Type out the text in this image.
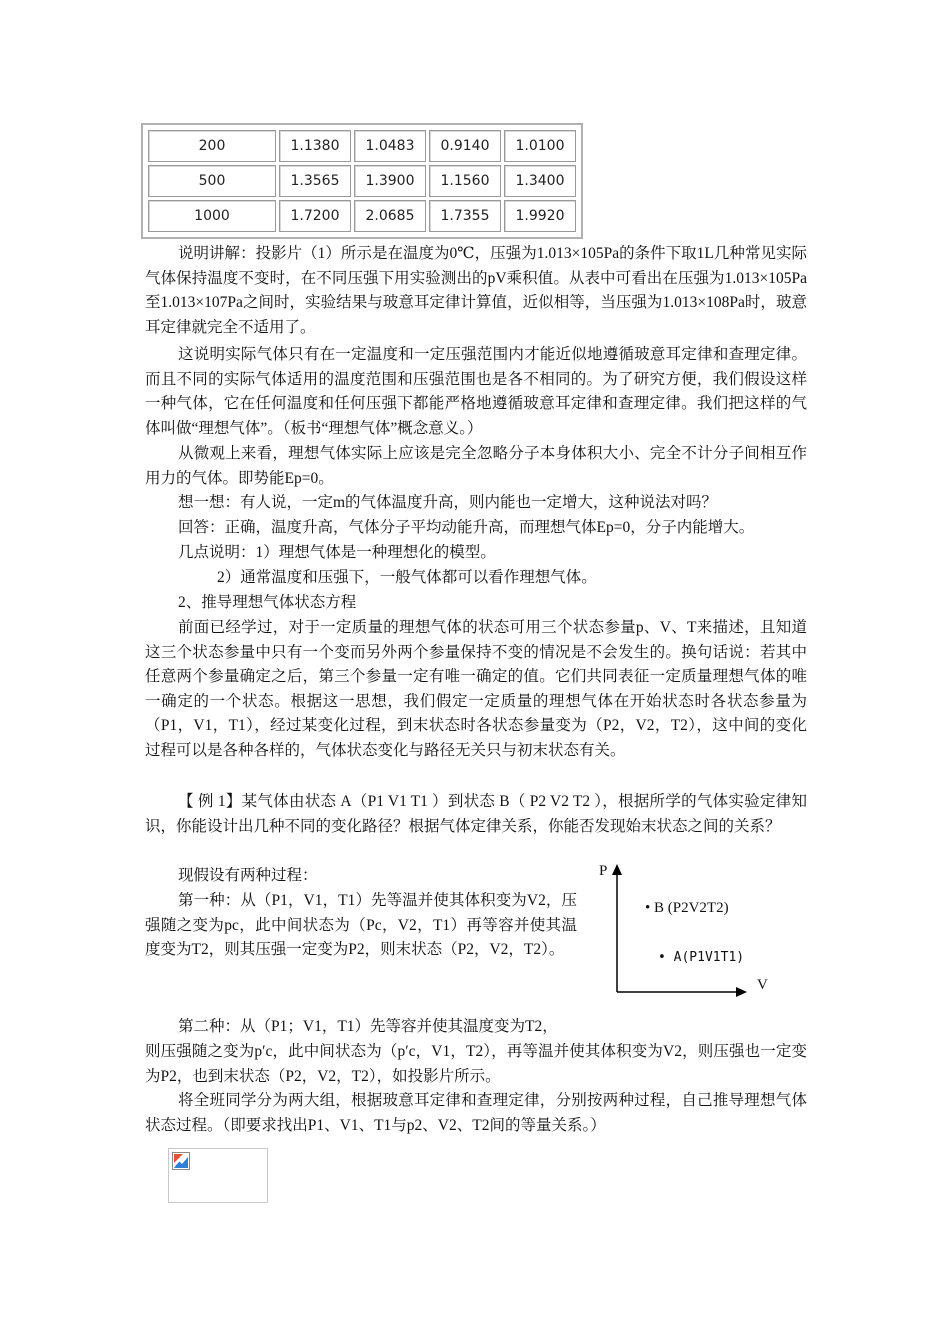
200	1.1380	1.0483	0.9140	1.0100
500	1.3565	1.3900	1.1560	1.3400
1000	1.7200	2.0685	1.7355	1.9920

说明讲解：投影片（1）所示是在温度为0℃，压强为1.013×105Pa的条件下取1L几种常见实际气体保持温度不变时，在不同压强下用实验测出的pV乘积值。从表中可看出在压强为1.013×105Pa至1.013×107Pa之间时，实验结果与玻意耳定律计算值，近似相等，当压强为1.013×108Pa时，玻意耳定律就完全不适用了。

这说明实际气体只有在一定温度和一定压强范围内才能近似地遵循玻意耳定律和查理定律。而且不同的实际气体适用的温度范围和压强范围也是各不相同的。为了研究方便，我们假设这样一种气体，它在任何温度和任何压强下都能严格地遵循玻意耳定律和查理定律。我们把这样的气体叫做“理想气体”。（板书“理想气体”概念意义。）

从微观上来看，理想气体实际上应该是完全忽略分子本身体积大小、完全不计分子间相互作用力的气体。即势能Ep=0。

想一想：有人说，一定m的气体温度升高，则内能也一定增大，这种说法对吗？
回答：正确，温度升高，气体分子平均动能升高，而理想气体Ep=0，分子内能增大。
几点说明：1）理想气体是一种理想化的模型。
2）通常温度和压强下，一般气体都可以看作理想气体。
2、推导理想气体状态方程

前面已经学过，对于一定质量的理想气体的状态可用三个状态参量p、V、T来描述，且知道这三个状态参量中只有一个变而另外两个参量保持不变的情况是不会发生的。换句话说：若其中任意两个参量确定之后，第三个参量一定有唯一确定的值。它们共同表征一定质量理想气体的唯一确定的一个状态。根据这一思想，我们假定一定质量的理想气体在开始状态时各状态参量为（P1，V1，T1），经过某变化过程，到末状态时各状态参量变为（P2，V2，T2），这中间的变化过程可以是各种各样的，气体状态变化与路径无关只与初末状态有关。

【 例 1】某气体由状态 A（P1 V1 T1 ）到状态 B（ P2 V2 T2 ），根据所学的气体实验定律知识，你能设计出几种不同的变化路径？根据气体定律关系，你能否发现始末状态之间的关系？

现假设有两种过程：

第一种：从（P1，V1，T1）先等温并使其体积变为V2，压强随之变为pc，此中间状态为（Pc，V2，T1）再等容并使其温度变为T2，则其压强一定变为P2，则末状态（P2，V2，T2）。

P
V
• B (P2V2T2)
• A(P1V1T1)
第二种：从（P1；V1，T1）先等容并使其温度变为T2，

则压强随之变为p′c，此中间状态为（p′c，V1，T2），再等温并使其体积变为V2，则压强也一定变为P2，也到末状态（P2，V2，T2），如投影片所示。

将全班同学分为两大组，根据玻意耳定律和查理定律，分别按两种过程，自己推导理想气体状态过程。（即要求找出P1、V1、T1与p2、V2、T2间的等量关系。）
